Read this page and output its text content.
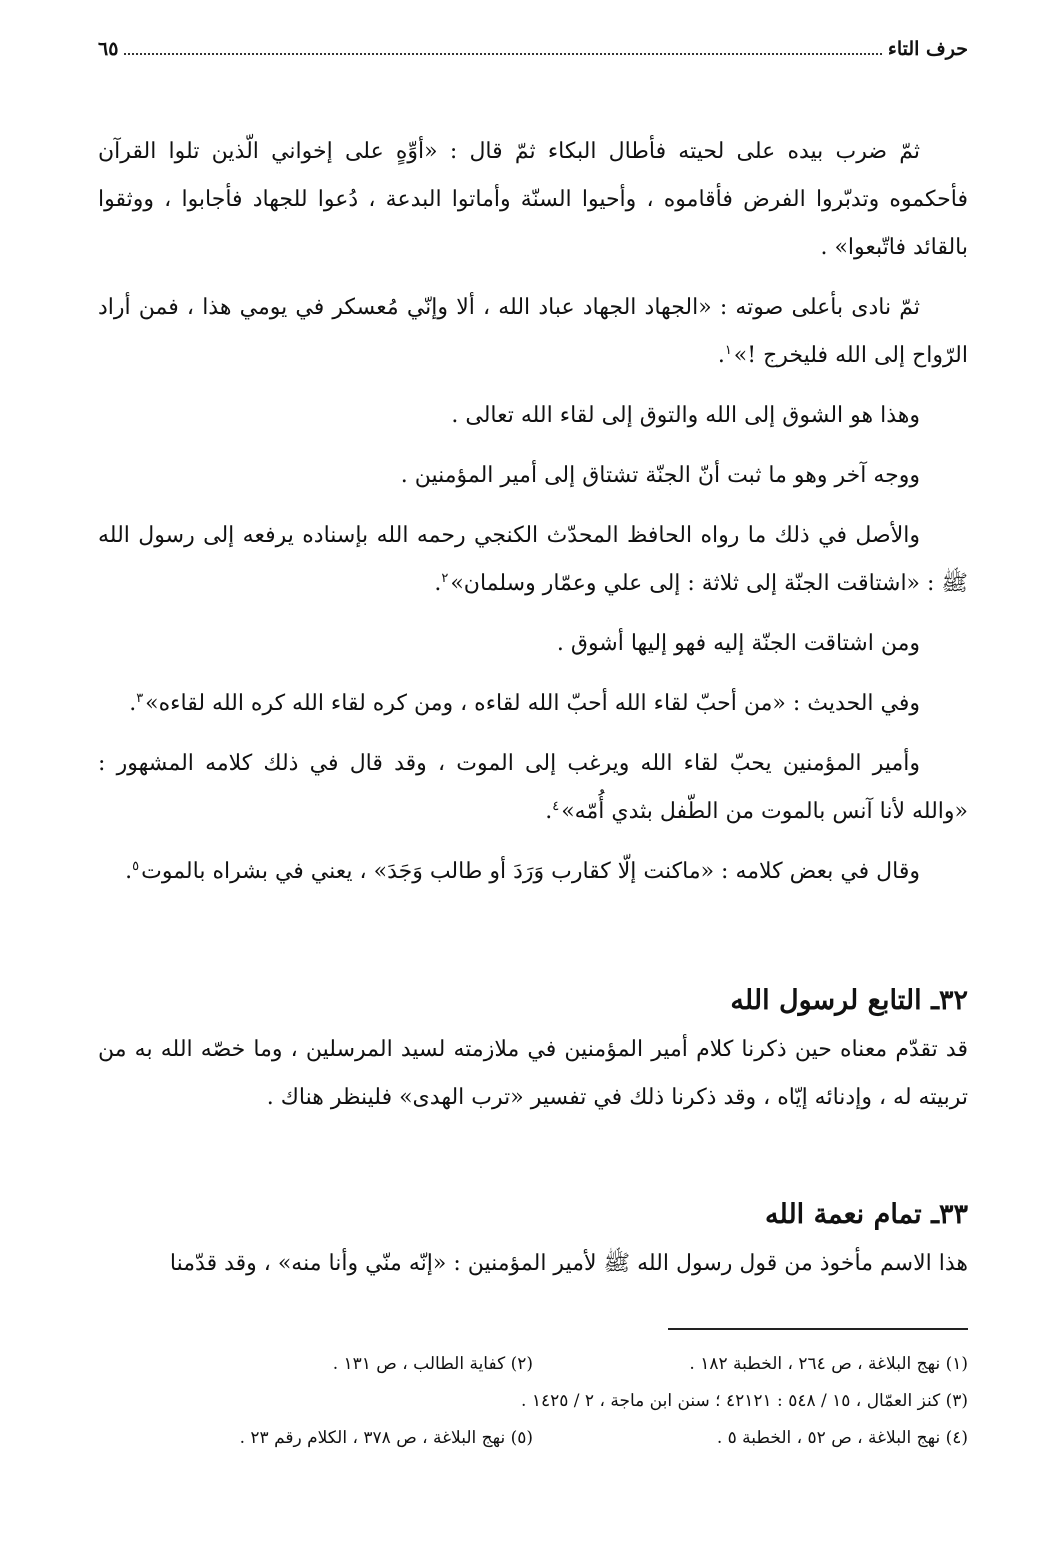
حرف التاء
٦٥

ثمّ ضرب بيده على لحيته فأطال البكاء ثمّ قال : «أوِّهٍ على إخواني الّذين تلوا القرآن فأحكموه وتدبّروا الفرض فأقاموه ، وأحيوا السنّة وأماتوا البدعة ، دُعوا للجهاد فأجابوا ، ووثقوا بالقائد فاتّبعوا» .

ثمّ نادى بأعلى صوته : «الجهاد الجهاد عباد الله ، ألا وإنّي مُعسكر في يومي هذا ، فمن أراد الرّواح إلى الله فليخرج !»$^١$.

وهذا هو الشوق إلى الله والتوق إلى لقاء الله تعالى .

ووجه آخر وهو ما ثبت أنّ الجنّة تشتاق إلى أمير المؤمنين .

والأصل في ذلك ما رواه الحافظ المحدّث الكنجي رحمه الله بإسناده يرفعه إلى رسول الله ﷺ : «اشتاقت الجنّة إلى ثلاثة : إلى علي وعمّار وسلمان»$^٢$.

ومن اشتاقت الجنّة إليه فهو إليها أشوق .

وفي الحديث : «من أحبّ لقاء الله أحبّ الله لقاءه ، ومن كره لقاء الله كره الله لقاءه»$^٣$.

وأمير المؤمنين يحبّ لقاء الله ويرغب إلى الموت ، وقد قال في ذلك كلامه المشهور : «والله لأنا آنس بالموت من الطّفل بثدي أُمّه»$^٤$.

وقال في بعض كلامه : «ماكنت إلّا كقارب وَرَدَ أو طالب وَجَدَ» ، يعني في بشراه بالموت$^٥$.

٣٢ـ التابع لرسول الله

قد تقدّم معناه حين ذكرنا كلام أمير المؤمنين في ملازمته لسيد المرسلين ، وما خصّه الله به من تربيته له ، وإدنائه إيّاه ، وقد ذكرنا ذلك في تفسير «ترب الهدى» فلينظر هناك .

٣٣ـ تمام نعمة الله

هذا الاسم مأخوذ من قول رسول الله ﷺ لأمير المؤمنين : «إنّه منّي وأنا منه» ، وقد قدّمنا

(١) نهج البلاغة ، ص ٢٦٤ ، الخطبة ١٨٢ .
(٢) كفاية الطالب ، ص ١٣١ .
(٣) كنز العمّال ، ١٥ / ٥٤٨ : ٤٢١٢١ ؛ سنن ابن ماجة ، ٢ / ١٤٢٥ .
(٤) نهج البلاغة ، ص ٥٢ ، الخطبة ٥ .
(٥) نهج البلاغة ، ص ٣٧٨ ، الكلام رقم ٢٣ .
